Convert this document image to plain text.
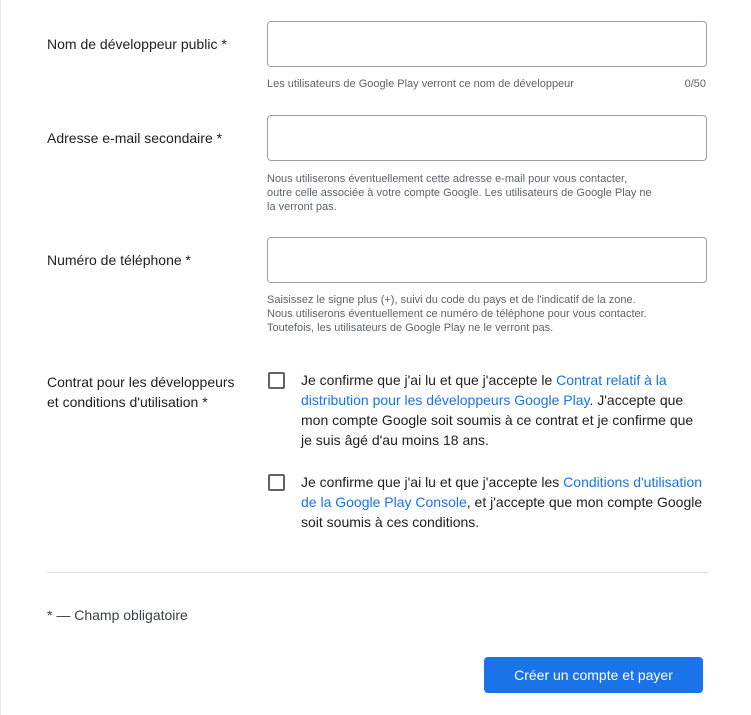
Nom de développeur public *
Les utilisateurs de Google Play verront ce nom de développeur	0/50
Adresse e-mail secondaire *
Nous utiliserons éventuellement cette adresse e-mail pour vous contacter,
outre celle associée à votre compte Google. Les utilisateurs de Google Play ne
la verront pas.
Numéro de téléphone *
Saisissez le signe plus (+), suivi du code du pays et de l'indicatif de la zone.
Nous utiliserons éventuellement ce numéro de téléphone pour vous contacter.
Toutefois, les utilisateurs de Google Play ne le verront pas.
Contrat pour les développeurs
et conditions d'utilisation *
Je confirme que j'ai lu et que j'accepte le Contrat relatif à la distribution pour les développeurs Google Play. J'accepte que mon compte Google soit soumis à ce contrat et je confirme que je suis âgé d'au moins 18 ans.
Je confirme que j'ai lu et que j'accepte les Conditions d'utilisation de la Google Play Console, et j'accepte que mon compte Google soit soumis à ces conditions.
* — Champ obligatoire
Créer un compte et payer
